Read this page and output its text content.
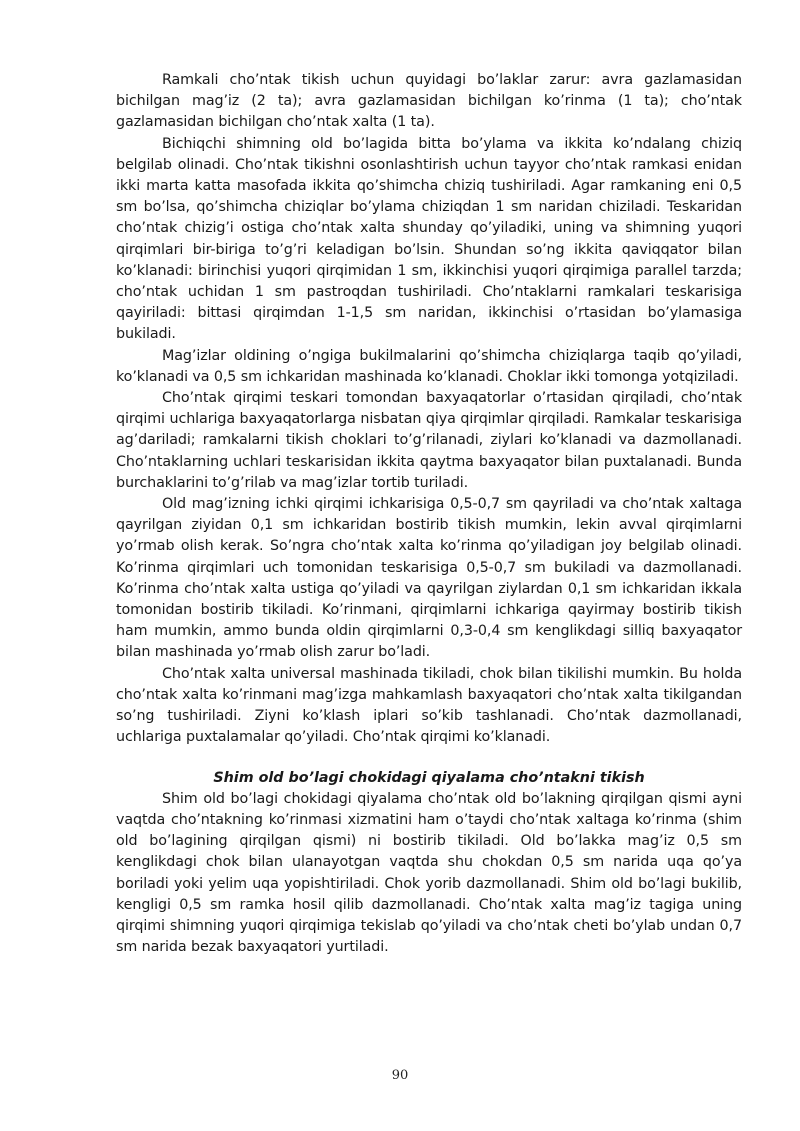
Ramkali cho’ntak tikish uchun quyidagi bo’laklar zarur: avra gazlamasidan bichilgan mag’iz (2 ta); avra gazlamasidan bichilgan ko’rinma (1 ta); cho’ntak gazlamasidan bichilgan cho’ntak xalta (1 ta).

Bichiqchi shimning old bo’lagida bitta bo’ylama va ikkita ko’ndalang chiziq belgilab olinadi. Cho’ntak tikishni osonlashtirish uchun tayyor cho’ntak ramkasi enidan ikki marta katta masofada ikkita qo’shimcha chiziq tushiriladi. Agar ramkaning eni 0,5 sm bo’lsa, qo’shimcha chiziqlar bo’ylama chiziqdan 1 sm naridan chiziladi. Teskaridan cho’ntak chizig’i ostiga cho’ntak xalta shunday qo’yiladiki, uning va shimning yuqori qirqimlari bir-biriga to’g’ri keladigan bo’lsin. Shundan so’ng ikkita qaviqqator bilan ko’klanadi: birinchisi yuqori qirqimidan 1 sm, ikkinchisi yuqori qirqimiga parallel tarzda; cho’ntak uchidan 1 sm pastroqdan tushiriladi. Cho’ntaklarni ramkalari teskarisiga qayiriladi: bittasi qirqimdan 1-1,5 sm naridan, ikkinchisi o’rtasidan bo’ylamasiga bukiladi.

Mag’izlar oldining o’ngiga bukilmalarini qo’shimcha chiziqlarga taqib qo’yiladi, ko’klanadi va 0,5 sm ichkaridan mashinada ko’klanadi. Choklar ikki tomonga yotqiziladi.

Cho’ntak qirqimi teskari tomondan baxyaqatorlar o’rtasidan qirqiladi, cho’ntak qirqimi uchlariga baxyaqatorlarga nisbatan qiya qirqimlar qirqiladi. Ramkalar teskarisiga ag’dariladi; ramkalarni tikish choklari to’g’rilanadi, ziylari ko’klanadi va dazmollanadi. Cho’ntaklarning uchlari teskarisidan ikkita qaytma baxyaqator bilan puxtalanadi. Bunda burchaklarini to’g’rilab va mag’izlar tortib turiladi.

Old mag’izning ichki qirqimi ichkarisiga 0,5-0,7 sm qayriladi va cho’ntak xaltaga qayrilgan ziyidan 0,1 sm ichkaridan bostirib tikish mumkin, lekin avval qirqimlarni yo’rmab olish kerak. So’ngra cho’ntak xalta ko’rinma qo’yiladigan joy belgilab olinadi. Ko’rinma qirqimlari uch tomonidan teskarisiga 0,5-0,7 sm bukiladi va dazmollanadi. Ko’rinma cho’ntak xalta ustiga qo’yiladi va qayrilgan ziylardan 0,1 sm ichkaridan ikkala tomonidan bostirib tikiladi. Ko’rinmani, qirqimlarni ichkariga qayirmay bostirib tikish ham mumkin, ammo bunda oldin qirqimlarni 0,3-0,4 sm kenglikdagi silliq baxyaqator bilan mashinada yo’rmab olish zarur bo’ladi.

Cho’ntak xalta universal mashinada tikiladi, chok bilan tikilishi mumkin. Bu holda cho’ntak xalta ko’rinmani mag’izga mahkamlash baxyaqatori cho’ntak xalta tikilgandan so’ng tushiriladi. Ziyni ko’klash iplari so’kib tashlanadi. Cho’ntak dazmollanadi, uchlariga puxtalamalar qo’yiladi. Cho’ntak qirqimi ko’klanadi.

Shim old bo’lagi chokidagi qiyalama cho’ntakni tikish

Shim old bo’lagi chokidagi qiyalama cho’ntak old bo’lakning qirqilgan qismi ayni vaqtda cho’ntakning ko’rinmasi xizmatini ham o’taydi cho’ntak xaltaga ko’rinma (shim old bo’lagining qirqilgan qismi) ni bostirib tikiladi. Old bo’lakka mag’iz 0,5 sm kenglikdagi chok bilan ulanayotgan vaqtda shu chokdan 0,5 sm narida uqa qo’ya boriladi yoki yelim uqa yopishtiriladi. Chok yorib dazmollanadi. Shim old bo’lagi bukilib, kengligi 0,5 sm ramka hosil qilib dazmollanadi. Cho’ntak xalta mag’iz tagiga uning qirqimi shimning yuqori qirqimiga tekislab qo’yiladi va cho’ntak cheti bo’ylab undan 0,7 sm narida bezak baxyaqatori yurtiladi.

90
